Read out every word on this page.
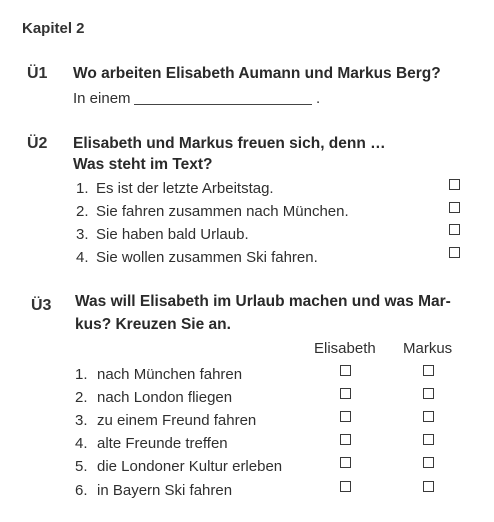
Kapitel 2
Ü1 Wo arbeiten Elisabeth Aumann und Markus Berg?
In einem	.
Ü2 Elisabeth und Markus freuen sich, denn …
Was steht im Text?
1. Es ist der letzte Arbeitstag.
2. Sie fahren zusammen nach München.
3. Sie haben bald Urlaub.
4. Sie wollen zusammen Ski fahren.
Ü3 Was will Elisabeth im Urlaub machen und was Mar-
kus? Kreuzen Sie an.
Elisabeth Markus
1. nach München fahren
2. nach London fliegen
3. zu einem Freund fahren
4. alte Freunde treffen
5. die Londoner Kultur erleben
6. in Bayern Ski fahren
